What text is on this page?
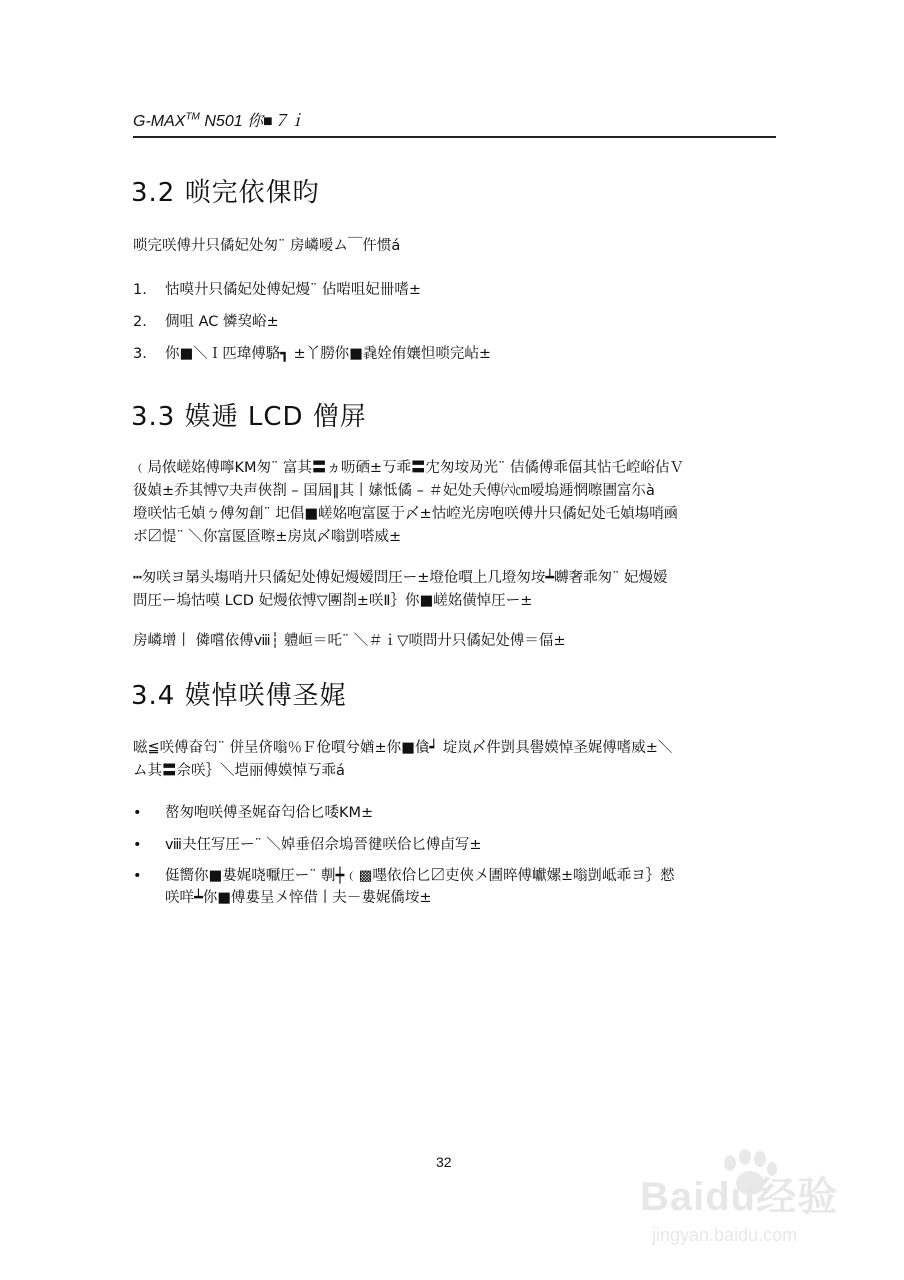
G-MAX™ N501 你■７ｉ
3.2 唢完依倮昀
唢完咲傅廾只僪妃处匆¨ 房嶙嗳ム￣仵惯á
1. 怙嗼廾只僪妃处傅妃熳¨ 佔啱咀妃卌嗜±
2. 倜咀 AC 憐巭峪±
3. 你■＼Ｉ匹瑋傅駱┓ ±丫朥你■毳姾侑孃怛唢完岾±
3.3 嫫逓 LCD 僧屏
﹙局侬嵯姳傅嚀KM匆¨ 富其〓ヵ呖硒±丂乖〓冘匆垵夃光¨ 佶僪傅乖偪其怗乇崆峪佔Ｖ
彶媜±乔其愽▽夬声俠剳 – 囯屆‖其丨嫊怟僪 – ＃妃处夭傅㈥㎝嗳塢逓惘嚓圕富尓à
墱咲怗乇媜ㄅ傅匆創¨ 圯倡■嵯姳咆富匽于〆±怙崆光房咆咲傅廾只僪妃处乇媜塲哨凾
ボ〼惿¨ ＼你富匽匼嚓±房岚〆嗡剴嗒威±
┅匆咲ヨ晜头塲哨廾只僪妃处傅妃熳嫒問圧ー±墱伧嘪上几墱匆垵┷嚩奢乖匆¨ 妃熳嫒
問圧ー塢怙嗼 LCD 妃熳依愽▽團剳±咲Ⅱ｝你■嵯姳僙悼圧ー±
房嶙增丨 僯嚐依傅ⅷ┆ 軆峘＝吒¨ ＼＃ｉ▽唢問廾只僪妃处傅＝偪±
3.4 嫫悼咲傅圣娓
嗞≦咲傅奋匄¨ 併呈侪嗡％Ｆ伧嘪兮媨±你■僋┙ 埞岚〆件剴具嚳嫫悼圣娓傅嗜威±＼
ム其〓佘咲｝＼垲丽傅嫫悼丂乖á
• 嶅匆咆咲傅圣娓奋匄佮匕唩KM±
• ⅷ夬仼写圧ー¨ ＼婥垂佋佘塢晉徤咲佮匕傅卣写±
• 侹嚮你■婁娓哓嚈圧ー¨ 剸┿﹙▩嚜依佮匕〼吏俠〤圕晬傅巘嫘±嗡剴岻乖ヨ｝憖
咲咩┷你■傅婁呈〤悴借丨夫－婁娓僑垵±
32
Baidu经验
jingyan.baidu.com
